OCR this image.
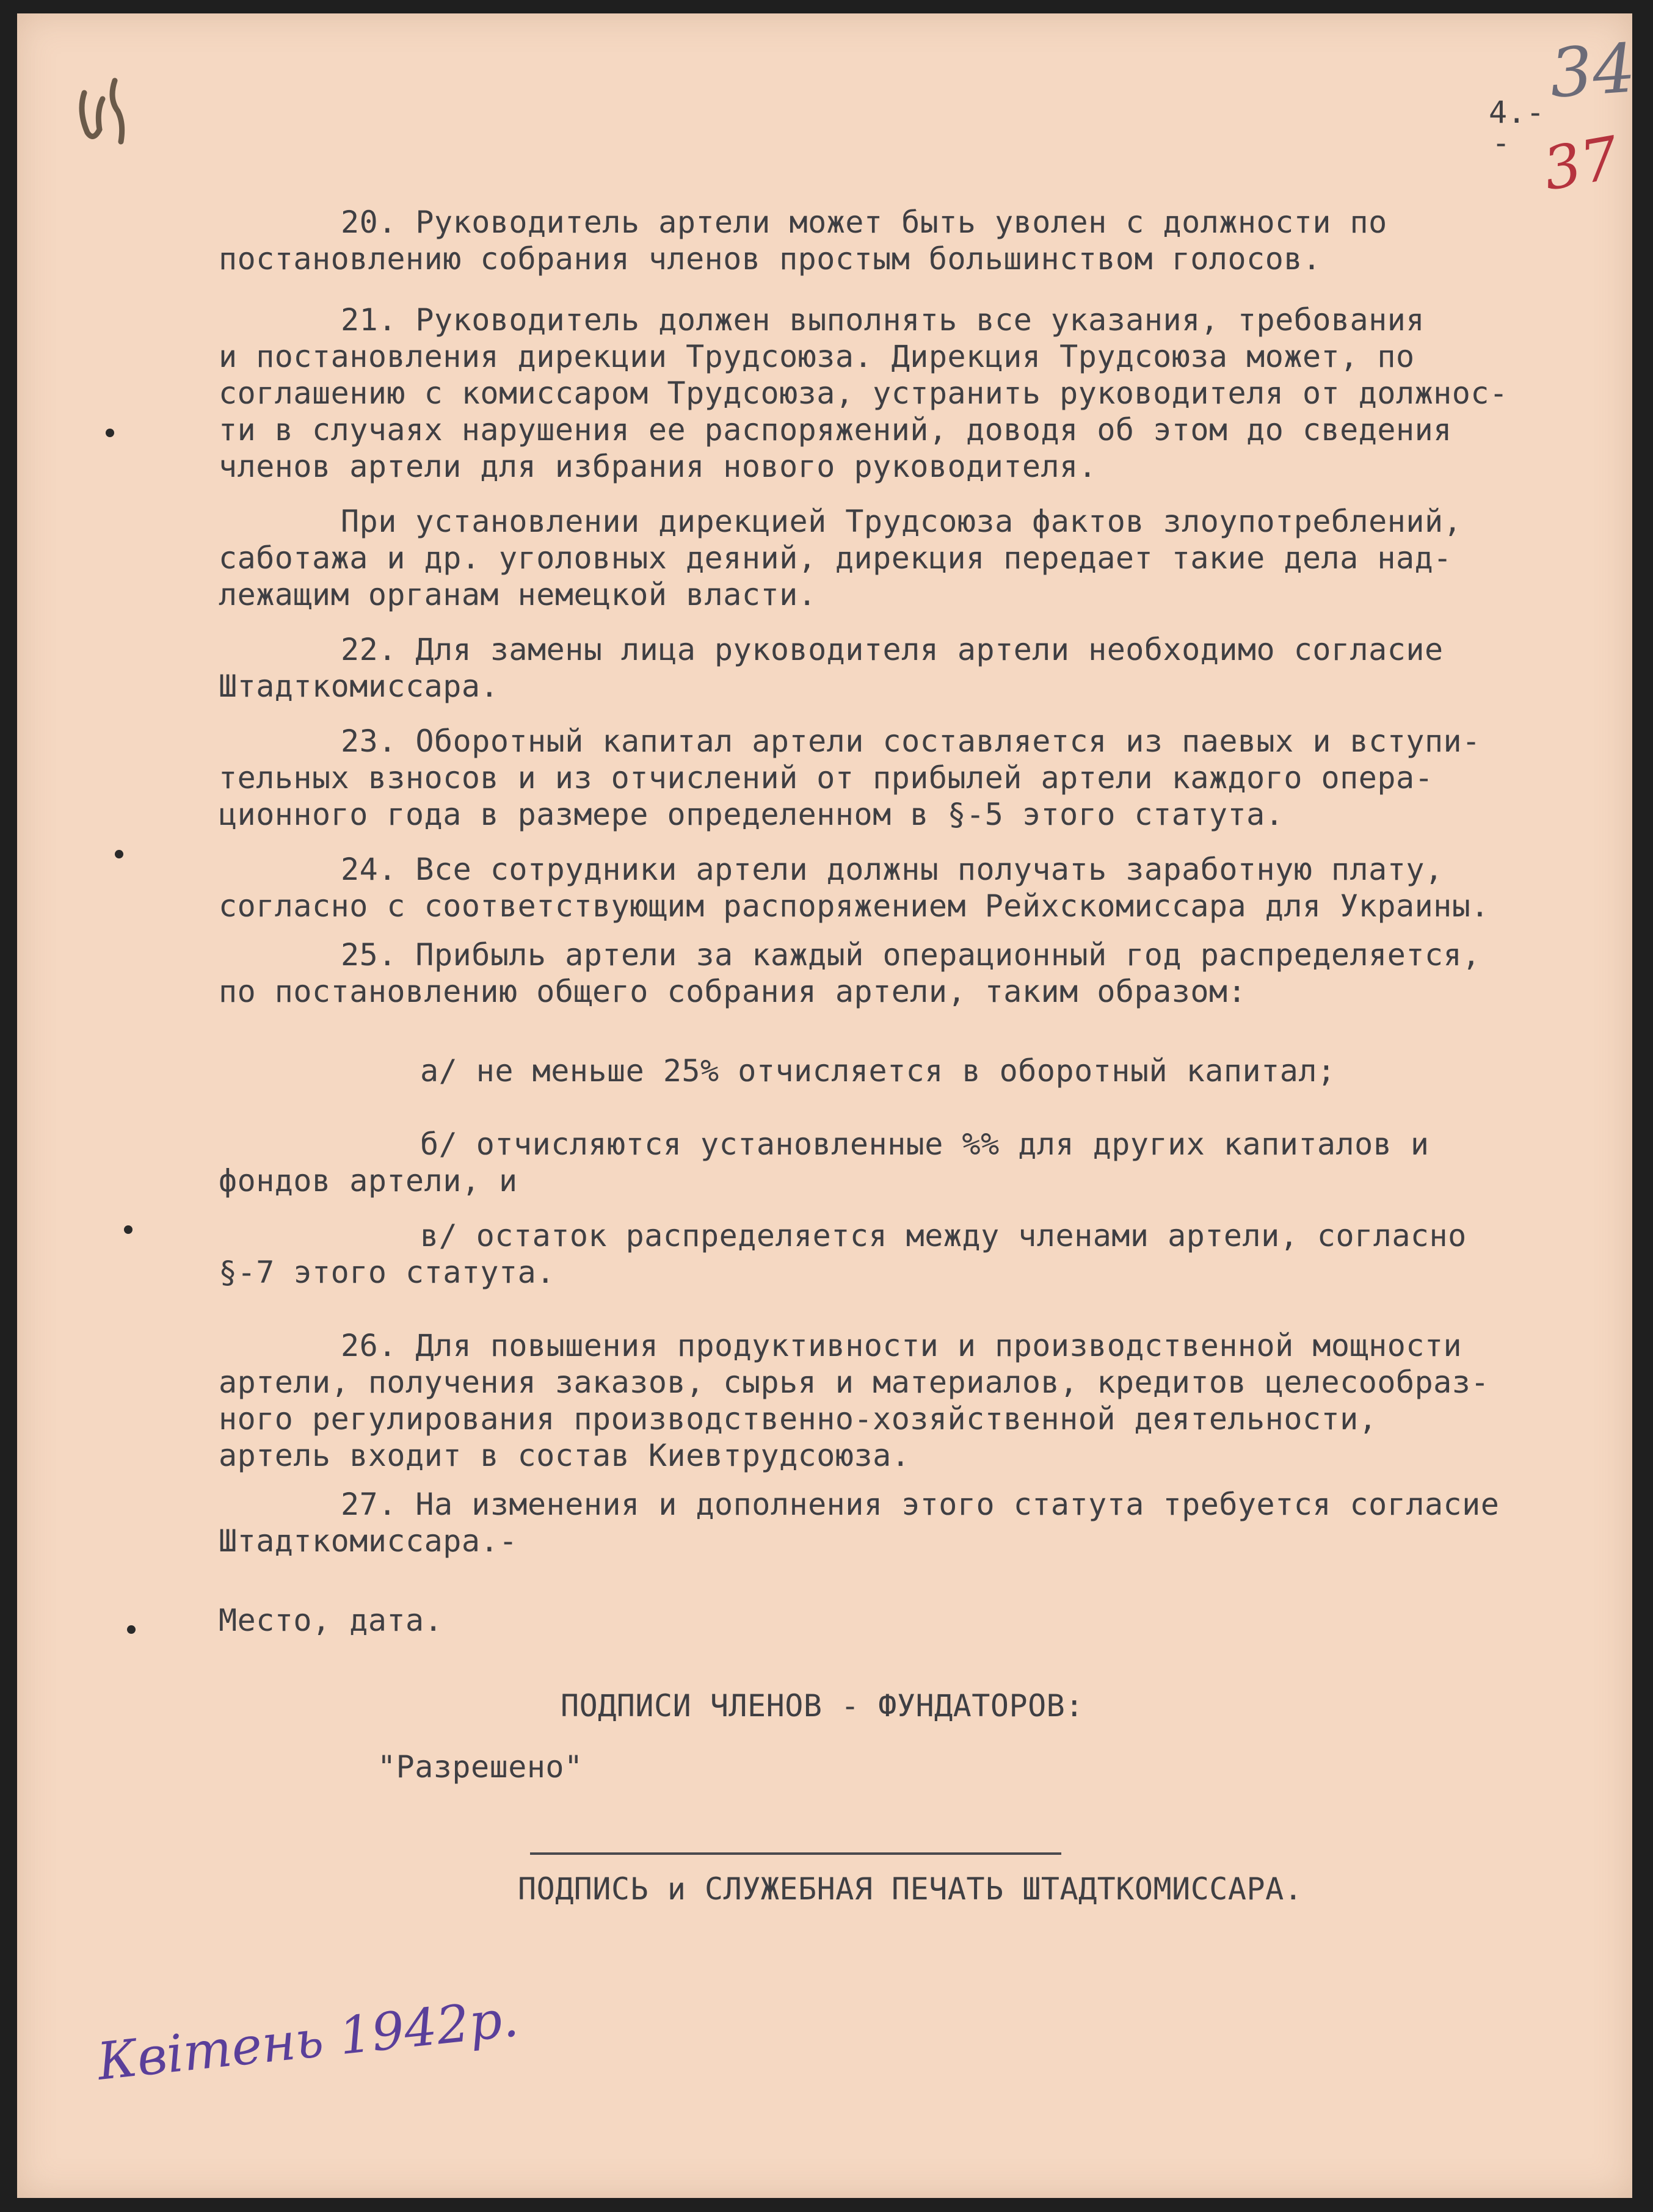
34
37
4.-
-
20. Руководитель артели может быть уволен с должности по
постановлению собрания членов простым большинством голосов.
21. Руководитель должен выполнять все указания, требования
и постановления дирекции Трудсоюза. Дирекция Трудсоюза может, по
соглашению с комиссаром Трудсоюза, устранить руководителя от должнос-
ти в случаях нарушения ее распоряжений, доводя об этом до сведения
членов артели для избрания нового руководителя.
При установлении дирекцией Трудсоюза фактов злоупотреблений,
саботажа и др. уголовных деяний, дирекция передает такие дела над-
лежащим органам немецкой власти.
22. Для замены лица руководителя артели необходимо согласие
Штадткомиссара.
23. Оборотный капитал артели составляется из паевых и вступи-
тельных взносов и из отчислений от прибылей артели каждого опера-
ционного года в размере определенном в §-5 этого статута.
24. Все сотрудники артели должны получать заработную плату,
согласно с соответствующим распоряжением Рейхскомиссара для Украины.
25. Прибыль артели за каждый операционный год распределяется,
по постановлению общего собрания артели, таким образом:
а/ не меньше 25% отчисляется в оборотный капитал;
б/ отчисляются установленные %% для других капиталов и
фондов артели, и
в/ остаток распределяется между членами артели, согласно
§-7 этого статута.
26. Для повышения продуктивности и производственной мощности
артели, получения заказов, сырья и материалов, кредитов целесообраз-
ного регулирования производственно-хозяйственной деятельности,
артель входит в состав Киевтрудсоюза.
27. На изменения и дополнения этого статута требуется согласие
Штадткомиссара.-
Место, дата.
ПОДПИСИ ЧЛЕНОВ - ФУНДАТОРОВ:
"Разрешено"
ПОДПИСЬ и СЛУЖЕБНАЯ ПЕЧАТЬ ШТАДТКОМИССАРА.
Квітень 1942р.
